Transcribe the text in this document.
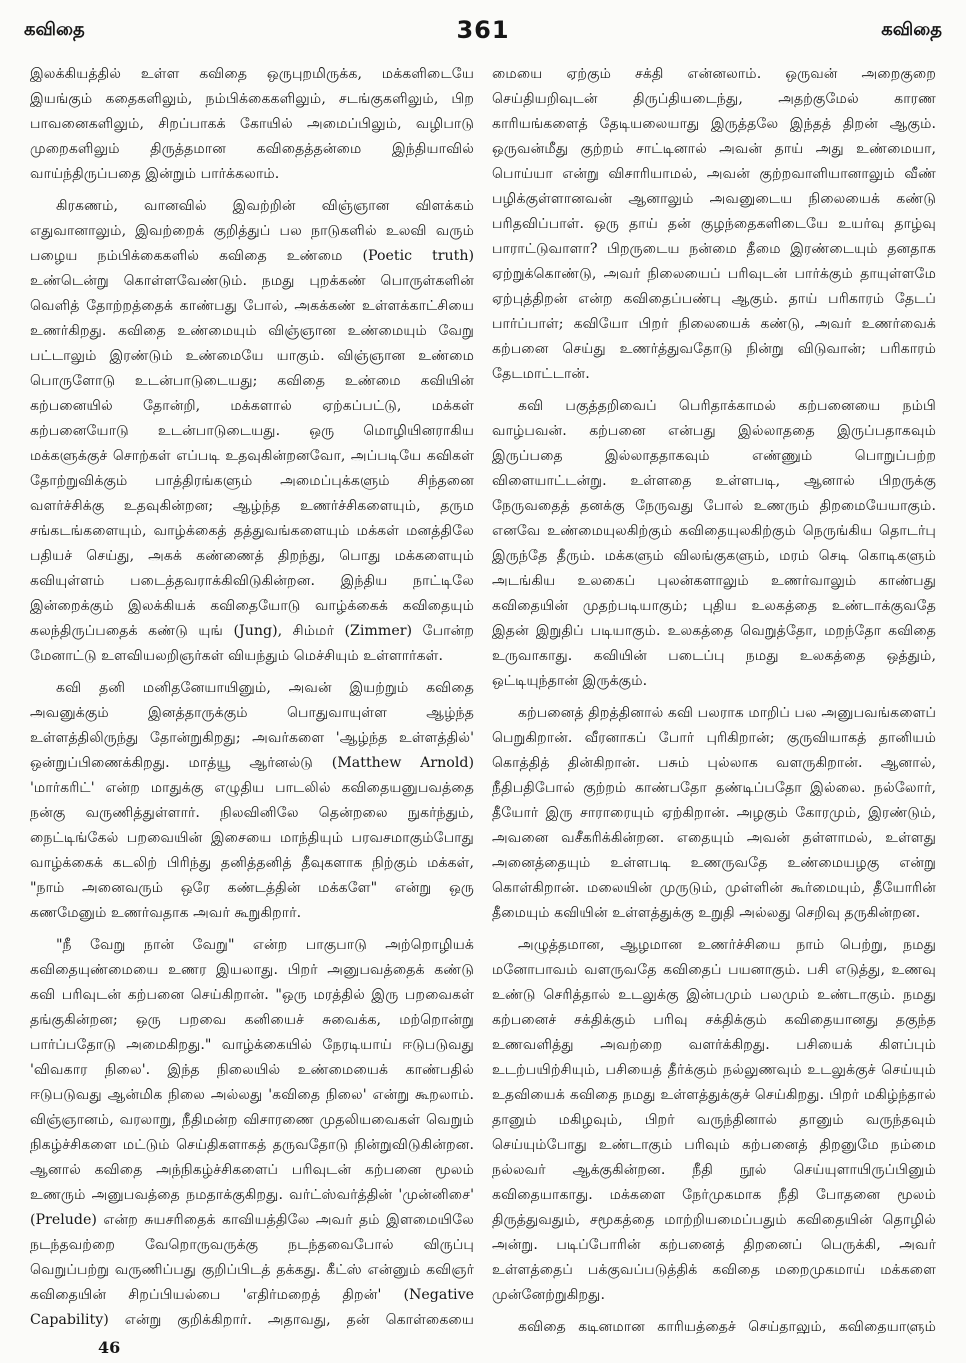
கவிதை	361	கவிதை

இலக்கியத்தில் உள்ள கவிதை ஒருபுறமிருக்க, மக்களிடையே இயங்கும் கதைகளிலும், நம்பிக்கைகளிலும், சடங்குகளிலும், பிற பாவனைகளிலும், சிறப்பாகக் கோயில் அமைப்பிலும், வழிபாடு முறைகளிலும் திருத்தமான கவிதைத்தன்மை இந்தியாவில் வாய்ந்திருப்பதை இன்றும் பார்க்கலாம்.

கிரகணம், வானவில் இவற்றின் விஞ்ஞான விளக்கம் எதுவானாலும், இவற்றைக் குறித்துப் பல நாடுகளில் உலவி வரும் பழைய நம்பிக்கைகளில் கவிதை உண்மை (Poetic truth) உண்டென்று கொள்ளவேண்டும். நமது புறக்கண் பொருள்களின் வெளித் தோற்றத்தைக் காண்பது போல், அகக்கண் உள்ளக்காட்சியை உணர்கிறது. கவிதை உண்மையும் விஞ்ஞான உண்மையும் வேறு பட்டாலும் இரண்டும் உண்மையே யாகும். விஞ்ஞான உண்மை பொருளோடு உடன்பாடுடையது; கவிதை உண்மை கவியின் கற்பனையில் தோன்றி, மக்களால் ஏற்கப்பட்டு, மக்கள் கற்பனையோடு உடன்பாடுடையது. ஒரு மொழியினராகிய மக்களுக்குச் சொற்கள் எப்படி உதவுகின்றனவோ, அப்படியே கவிகள் தோற்றுவிக்கும் பாத்திரங்களும் அமைப்புக்களும் சிந்தனை வளர்ச்சிக்கு உதவுகின்றன; ஆழ்ந்த உணர்ச்சிகளையும், தரும சங்கடங்களையும், வாழ்க்கைத் தத்துவங்களையும் மக்கள் மனத்திலே பதியச் செய்து, அகக் கண்ணைத் திறந்து, பொது மக்களையும் கவியுள்ளம் படைத்தவராக்கிவிடுகின்றன. இந்திய நாட்டிலே இன்றைக்கும் இலக்கியக் கவிதையோடு வாழ்க்கைக் கவிதையும் கலந்திருப்பதைக் கண்டு யுங் (Jung), சிம்மர் (Zimmer) போன்ற மேனாட்டு உளவியலறிஞர்கள் வியந்தும் மெச்சியும் உள்ளார்கள்.

கவி தனி மனிதனேயாயினும், அவன் இயற்றும் கவிதை அவனுக்கும் இனத்தாருக்கும் பொதுவாயுள்ள ஆழ்ந்த உள்ளத்திலிருந்து தோன்றுகிறது; அவர்களை 'ஆழ்ந்த உள்ளத்தில்' ஒன்றுப்பிணைக்கிறது. மாத்யூ ஆர்னல்டு (Matthew Arnold) 'மார்கரிட்' என்ற மாதுக்கு எழுதிய பாடலில் கவிதையனுபவத்தை நன்கு வருணித்துள்ளார். நிலவினிலே தென்றலை நுகர்ந்தும், நைட்டிங்கேல் பறவையின் இசையை மாந்தியும் பரவசமாகும்போது வாழ்க்கைக் கடலிற் பிரிந்து தனித்தனித் தீவுகளாக நிற்கும் மக்கள், "நாம் அனைவரும் ஒரே கண்டத்தின் மக்களே" என்று ஒரு கணமேனும் உணர்வதாக அவர் கூறுகிறார்.

"நீ வேறு நான் வேறு" என்ற பாகுபாடு அற்றொழியக் கவிதையுண்மையை உணர இயலாது. பிறர் அனுபவத்தைக் கண்டு கவி பரிவுடன் கற்பனை செய்கிறான். "ஒரு மரத்தில் இரு பறவைகள் தங்குகின்றன; ஒரு பறவை கனியைச் சுவைக்க, மற்றொன்று பார்ப்பதோடு அமைகிறது." வாழ்க்கையில் நேரடியாய் ஈடுபடுவது 'விவகார நிலை'. இந்த நிலையில் உண்மையைக் காண்பதில் ஈடுபடுவது ஆன்மிக நிலை அல்லது 'கவிதை நிலை' என்று கூறலாம். விஞ்ஞானம், வரலாறு, நீதிமன்ற விசாரணை முதலியவைகள் வெறும் நிகழ்ச்சிகளை மட்டும் செய்திகளாகத் தருவதோடு நின்றுவிடுகின்றன. ஆனால் கவிதை அந்நிகழ்ச்சிகளைப் பரிவுடன் கற்பனை மூலம் உணரும் அனுபவத்தை நமதாக்குகிறது. வர்ட்ஸ்வர்த்தின் 'முன்னிசை' (Prelude) என்ற சுயசரிதைக் காவியத்திலே அவர் தம் இளமையிலே நடந்தவற்றை வேறொருவருக்கு நடந்தவைபோல் விருப்பு வெறுப்பற்று வருணிப்பது குறிப்பிடத் தக்கது. கீட்ஸ் என்னும் கவிஞர் கவிதையின் சிறப்பியல்பை 'எதிர்மறைத் திறன்' (Negative Capability) என்று குறிக்கிறார். அதாவது, தன் கொள்கையை

மையை ஏற்கும் சக்தி என்னலாம். ஒருவன் அறைகுறை செய்தியறிவுடன் திருப்தியடைந்து, அதற்குமேல் காரண காரியங்களைத் தேடியலையாது இருத்தலே இந்தத் திறன் ஆகும். ஒருவன்மீது குற்றம் சாட்டினால் அவன் தாய் அது உண்மையா, பொய்யா என்று விசாரியாமல், அவன் குற்றவாளியானாலும் வீண் பழிக்குள்ளானவன் ஆனாலும் அவனுடைய நிலையைக் கண்டு பரிதவிப்பாள். ஒரு தாய் தன் குழந்தைகளிடையே உயர்வு தாழ்வு பாராட்டுவாளா? பிறருடைய நன்மை தீமை இரண்டையும் தனதாக ஏற்றுக்கொண்டு, அவர் நிலையைப் பரிவுடன் பார்க்கும் தாயுள்ளமே ஏற்புத்திறன் என்ற கவிதைப்பண்பு ஆகும். தாய் பரிகாரம் தேடப் பார்ப்பாள்; கவியோ பிறர் நிலையைக் கண்டு, அவர் உணர்வைக் கற்பனை செய்து உணர்த்துவதோடு நின்று விடுவான்; பரிகாரம் தேடமாட்டான்.

கவி பகுத்தறிவைப் பெரிதாக்காமல் கற்பனையை நம்பி வாழ்பவன். கற்பனை என்பது இல்லாததை இருப்பதாகவும் இருப்பதை இல்லாததாகவும் எண்ணும் பொறுப்பற்ற விளையாட்டன்று. உள்ளதை உள்ளபடி, ஆனால் பிறருக்கு நேருவதைத் தனக்கு நேருவது போல் உணரும் திறமையேயாகும். எனவே உண்மையுலகிற்கும் கவிதையுலகிற்கும் நெருங்கிய தொடர்பு இருந்தே தீரும். மக்களும் விலங்குகளும், மரம் செடி கொடிகளும் அடங்கிய உலகைப் புலன்களாலும் உணர்வாலும் காண்பது கவிதையின் முதற்படியாகும்; புதிய உலகத்தை உண்டாக்குவதே இதன் இறுதிப் படியாகும். உலகத்தை வெறுத்தோ, மறந்தோ கவிதை உருவாகாது. கவியின் படைப்பு நமது உலகத்தை ஒத்தும், ஒட்டியுந்தான் இருக்கும்.

கற்பனைத் திறத்தினால் கவி பலராக மாறிப் பல அனுபவங்களைப் பெறுகிறான். வீரனாகப் போர் புரிகிறான்; குருவியாகத் தானியம் கொத்தித் தின்கிறான். பசும் புல்லாக வளருகிறான். ஆனால், நீதிபதிபோல் குற்றம் காண்பதோ தண்டிப்பதோ இல்லை. நல்லோர், தீயோர் இரு சாராரையும் ஏற்கிறான். அழகும் கோரமும், இரண்டும், அவனை வசீகரிக்கின்றன. எதையும் அவன் தள்ளாமல், உள்ளது அனைத்தையும் உள்ளபடி உணருவதே உண்மையழகு என்று கொள்கிறான். மலையின் முருடும், முள்ளின் கூர்மையும், தீயோரின் தீமையும் கவியின் உள்ளத்துக்கு உறுதி அல்லது செறிவு தருகின்றன.

அழுத்தமான, ஆழமான உணர்ச்சியை நாம் பெற்று, நமது மனோபாவம் வளருவதே கவிதைப் பயனாகும். பசி எடுத்து, உணவு உண்டு செரித்தால் உடலுக்கு இன்பமும் பலமும் உண்டாகும். நமது கற்பனைச் சக்திக்கும் பரிவு சக்திக்கும் கவிதையானது தகுந்த உணவளித்து அவற்றை வளர்க்கிறது. பசியைக் கிளப்பும் உடற்பயிற்சியும், பசியைத் தீர்க்கும் நல்லுணவும் உடலுக்குச் செய்யும் உதவியைக் கவிதை நமது உள்ளத்துக்குச் செய்கிறது. பிறர் மகிழ்ந்தால் தானும் மகிழவும், பிறர் வருந்தினால் தானும் வருந்தவும் செய்யும்போது உண்டாகும் பரிவும் கற்பனைத் திறனுமே நம்மை நல்லவர் ஆக்குகின்றன. நீதி நூல் செய்யுளாயிருப்பினும் கவிதையாகாது. மக்களை நேர்முகமாக நீதி போதனை மூலம் திருத்துவதும், சமூகத்தை மாற்றியமைப்பதும் கவிதையின் தொழில் அன்று. படிப்போரின் கற்பனைத் திறனைப் பெருக்கி, அவர் உள்ளத்தைப் பக்குவப்படுத்திக் கவிதை மறைமுகமாய் மக்களை முன்னேற்றுகிறது.

கவிதை கடினமான காரியத்தைச் செய்தாலும், கவிதையாளும்

46
